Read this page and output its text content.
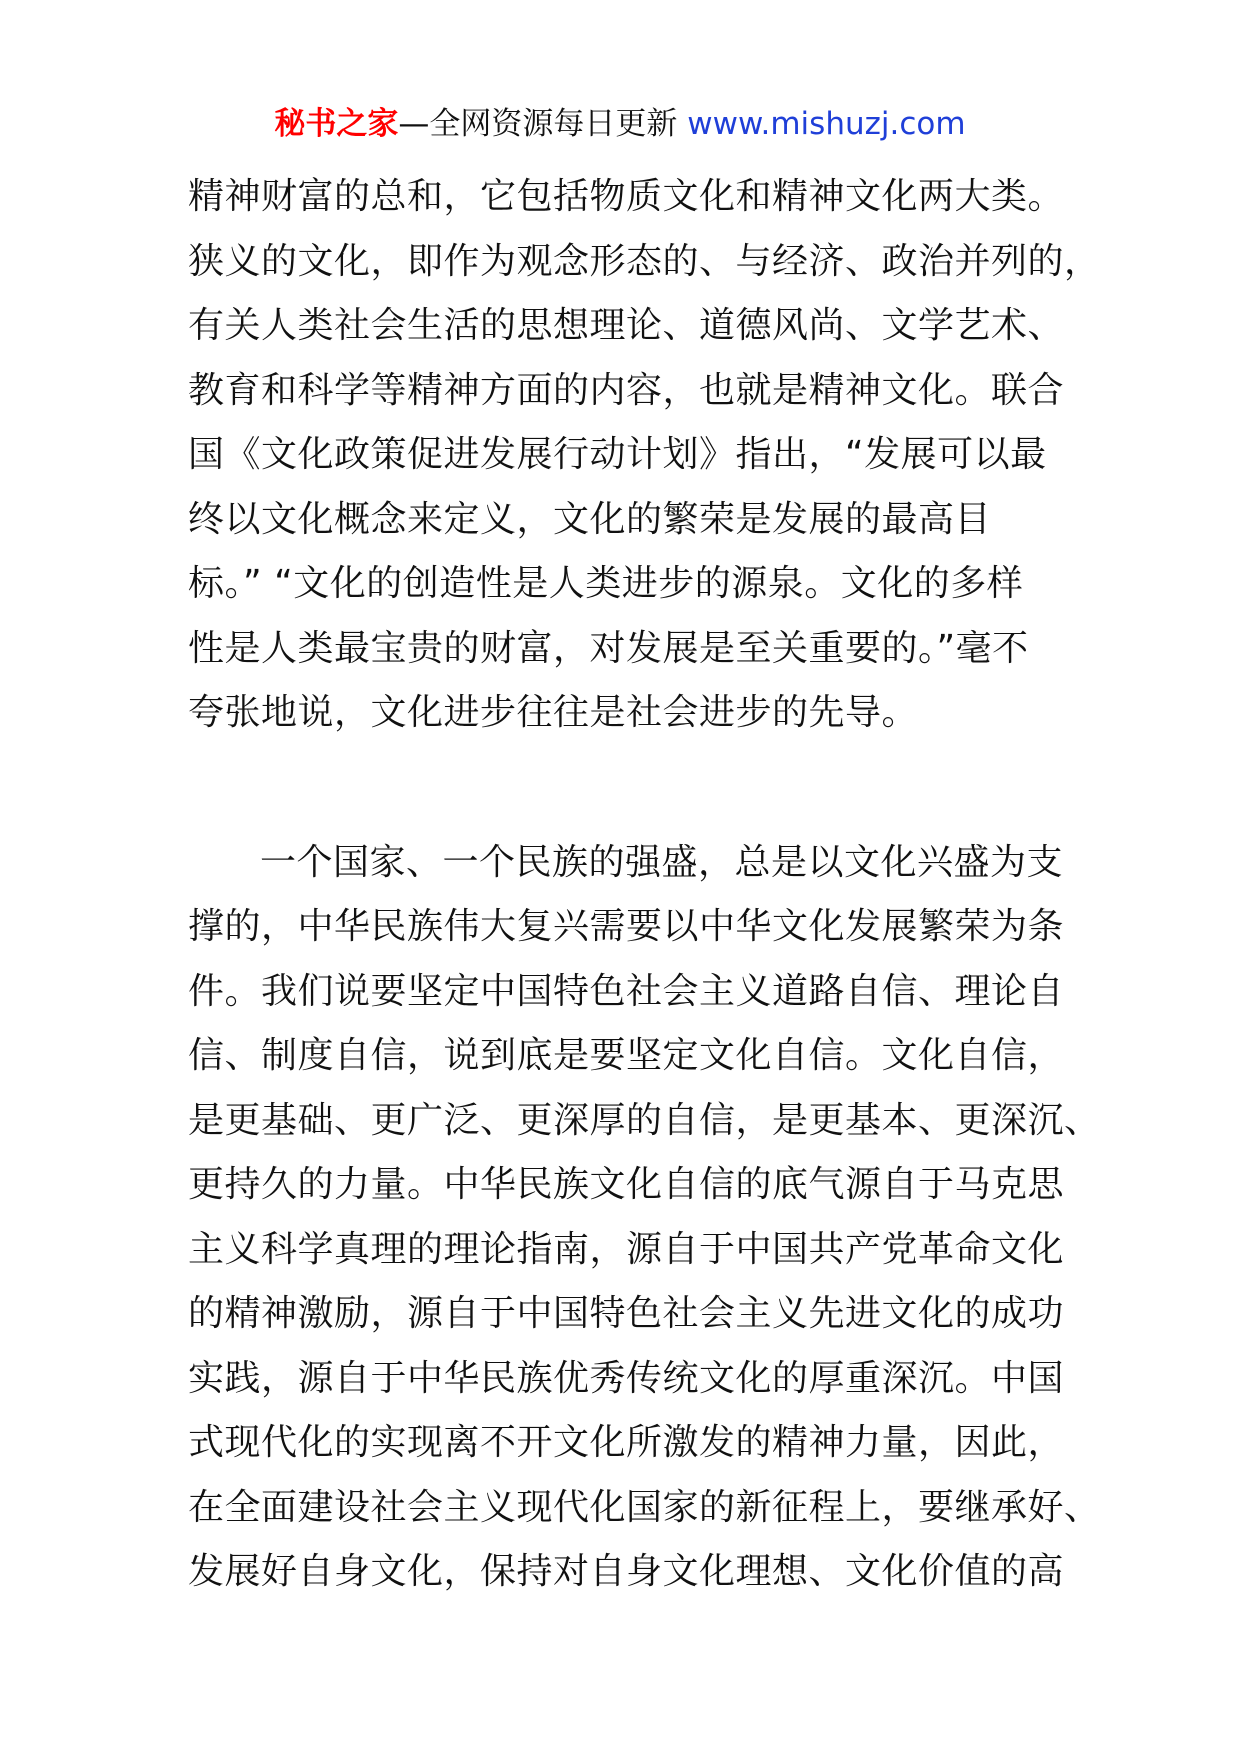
秘书之家—全网资源每日更新 www.mishuzj.com
精神财富的总和，它包括物质文化和精神文化两大类。
狭义的文化，即作为观念形态的、与经济、政治并列的，
有关人类社会生活的思想理论、道德风尚、文学艺术、
教育和科学等精神方面的内容，也就是精神文化。联合
国《文化政策促进发展行动计划》指出，“发展可以最
终以文化概念来定义，文化的繁荣是发展的最高目
标。” “文化的创造性是人类进步的源泉。文化的多样
性是人类最宝贵的财富，对发展是至关重要的。”毫不
夸张地说，文化进步往往是社会进步的先导。
一个国家、一个民族的强盛，总是以文化兴盛为支
撑的，中华民族伟大复兴需要以中华文化发展繁荣为条
件。我们说要坚定中国特色社会主义道路自信、理论自
信、制度自信，说到底是要坚定文化自信。文化自信，
是更基础、更广泛、更深厚的自信，是更基本、更深沉、
更持久的力量。中华民族文化自信的底气源自于马克思
主义科学真理的理论指南，源自于中国共产党革命文化
的精神激励，源自于中国特色社会主义先进文化的成功
实践，源自于中华民族优秀传统文化的厚重深沉。中国
式现代化的实现离不开文化所激发的精神力量，因此，
在全面建设社会主义现代化国家的新征程上，要继承好、
发展好自身文化，保持对自身文化理想、文化价值的高
